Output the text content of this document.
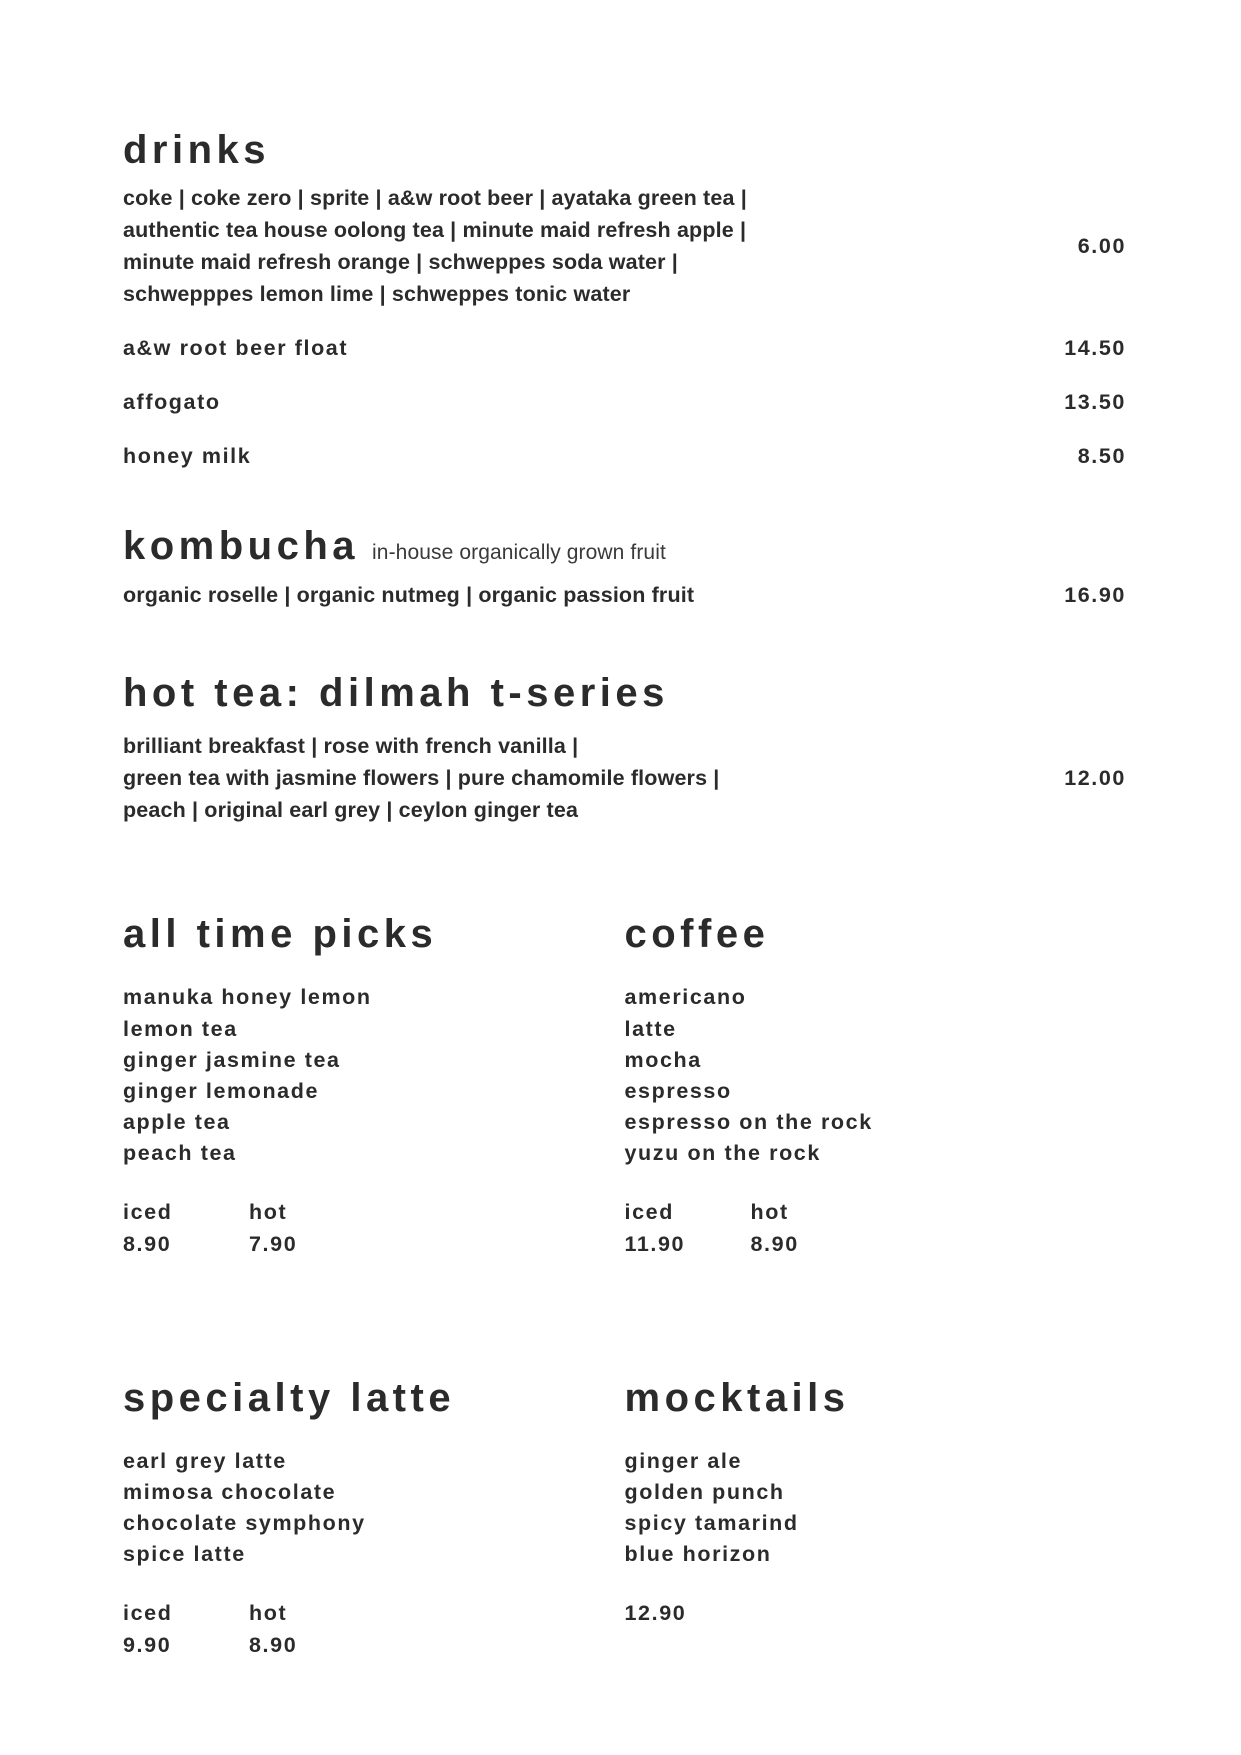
drinks
coke | coke zero | sprite | a&w root beer | ayataka green tea |
authentic tea house oolong tea | minute maid refresh apple |
minute maid refresh orange | schweppes soda water |
schwepppes lemon lime | schweppes tonic water
6.00
a&w root beer float	14.50
affogato	13.50
honey milk	8.50
kombucha in-house organically grown fruit
organic roselle | organic nutmeg | organic passion fruit	16.90
hot tea: dilmah t-series
brilliant breakfast | rose with french vanilla |
green tea with jasmine flowers | pure chamomile flowers |
peach | original earl grey | ceylon ginger tea
12.00
all time picks
manuka honey lemon
lemon tea
ginger jasmine tea
ginger lemonade
apple tea
peach tea
iced	hot
8.90	7.90
coffee
americano
latte
mocha
espresso
espresso on the rock
yuzu on the rock
iced	hot
11.90	8.90
specialty latte
earl grey latte
mimosa chocolate
chocolate symphony
spice latte
iced	hot
9.90	8.90
mocktails
ginger ale
golden punch
spicy tamarind
blue horizon
12.90
